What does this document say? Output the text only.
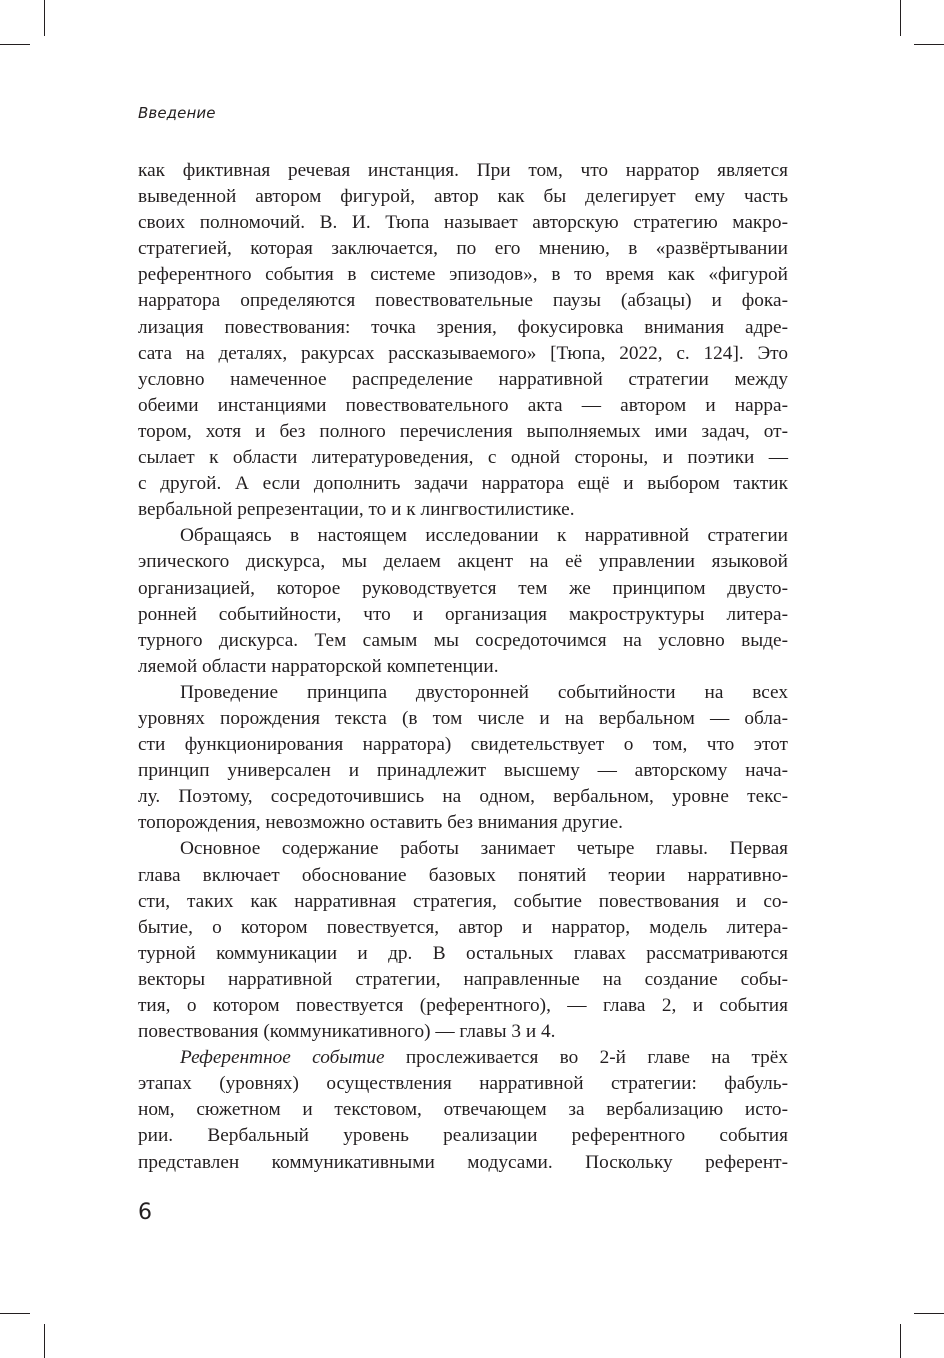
Введение
как фиктивная речевая инстанция. При том, что нарратор является
выведенной автором фигурой, автор как бы делегирует ему часть
своих полномочий. В. И. Тюпа называет авторскую стратегию макро-
стратегией, которая заключается, по его мнению, в «развёртывании
референтного события в системе эпизодов», в то время как «фигурой
нарратора определяются повествовательные паузы (абзацы) и фока-
лизация повествования: точка зрения, фокусировка внимания адре-
сата на деталях, ракурсах рассказываемого» [Тюпа, 2022, с. 124]. Это
условно намеченное распределение нарративной стратегии между
обеими инстанциями повествовательного акта — автором и нарра-
тором, хотя и без полного перечисления выполняемых ими задач, от-
сылает к области литературоведения, с одной стороны, и поэтики —
с другой. А если дополнить задачи нарратора ещё и выбором тактик
вербальной репрезентации, то и к лингвостилистике.
Обращаясь в настоящем исследовании к нарративной стратегии
эпического дискурса, мы делаем акцент на её управлении языковой
организацией, которое руководствуется тем же принципом двусто-
ронней событийности, что и организация макроструктуры литера-
турного дискурса. Тем самым мы сосредоточимся на условно выде-
ляемой области нарраторской компетенции.
Проведение принципа двусторонней событийности на всех
уровнях порождения текста (в том числе и на вербальном — обла-
сти функционирования нарратора) свидетельствует о том, что этот
принцип универсален и принадлежит высшему — авторскому нача-
лу. Поэтому, сосредоточившись на одном, вербальном, уровне текс-
топорождения, невозможно оставить без внимания другие.
Основное содержание работы занимает четыре главы. Первая
глава включает обоснование базовых понятий теории нарративно-
сти, таких как нарративная стратегия, событие повествования и со-
бытие, о котором повествуется, автор и нарратор, модель литера-
турной коммуникации и др. В остальных главах рассматриваются
векторы нарративной стратегии, направленные на создание собы-
тия, о котором повествуется (референтного), — глава 2, и события
повествования (коммуникативного) — главы 3 и 4.
Референтное событие прослеживается во 2-й главе на трёх
этапах (уровнях) осуществления нарративной стратегии: фабуль-
ном, сюжетном и текстовом, отвечающем за вербализацию исто-
рии. Вербальный уровень реализации референтного события
представлен коммуникативными модусами. Поскольку референт-
6
